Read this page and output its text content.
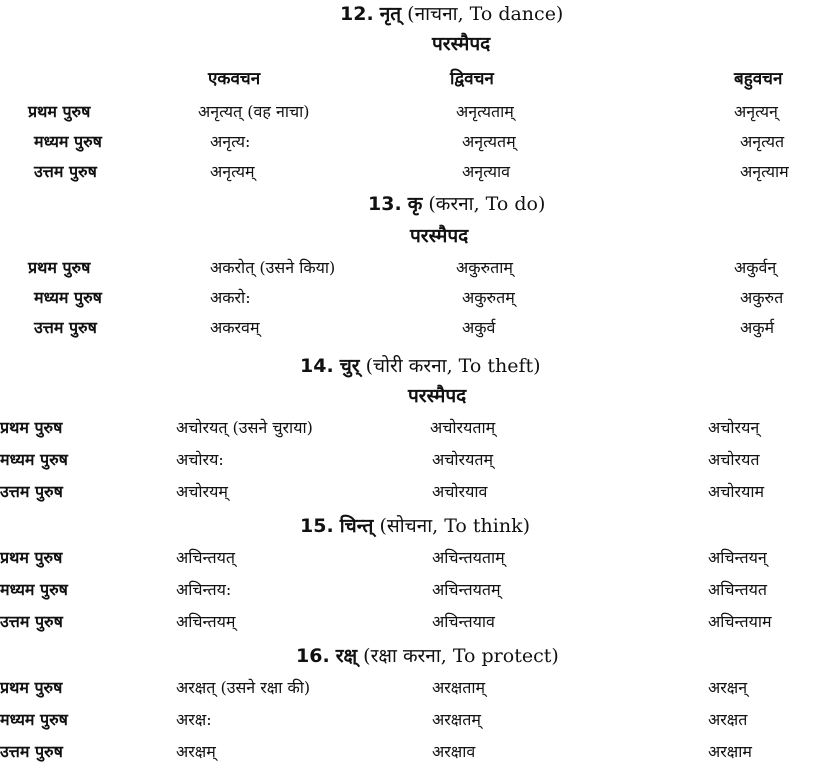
12. नृत् (नाचना, To dance)
परस्मैपद
एकवचन	द्विवचन	बहुवचन
प्रथम पुरुष	अनृत्यत् (वह नाचा)	अनृत्यताम्	अनृत्यन्
मध्यम पुरुष	अनृत्य:	अनृत्यतम्	अनृत्यत
उत्तम पुरुष	अनृत्यम्	अनृत्याव	अनृत्याम
13. कृ (करना, To do)
परस्मैपद
प्रथम पुरुष	अकरोत् (उसने किया)	अकुरुताम्	अकुर्वन्
मध्यम पुरुष	अकरो:	अकुरुतम्	अकुरुत
उत्तम पुरुष	अकरवम्	अकुर्व	अकुर्म
14. चुर् (चोरी करना, To theft)
परस्मैपद
प्रथम पुरुष	अचोरयत् (उसने चुराया)	अचोरयताम्	अचोरयन्
मध्यम पुरुष	अचोरय:	अचोरयतम्	अचोरयत
उत्तम पुरुष	अचोरयम्	अचोरयाव	अचोरयाम
15. चिन्त् (सोचना, To think)
प्रथम पुरुष	अचिन्तयत्	अचिन्तयताम्	अचिन्तयन्
मध्यम पुरुष	अचिन्तय:	अचिन्तयतम्	अचिन्तयत
उत्तम पुरुष	अचिन्तयम्	अचिन्तयाव	अचिन्तयाम
16. रक्ष् (रक्षा करना, To protect)
प्रथम पुरुष	अरक्षत् (उसने रक्षा की)	अरक्षताम्	अरक्षन्
मध्यम पुरुष	अरक्ष:	अरक्षतम्	अरक्षत
उत्तम पुरुष	अरक्षम्	अरक्षाव	अरक्षाम
